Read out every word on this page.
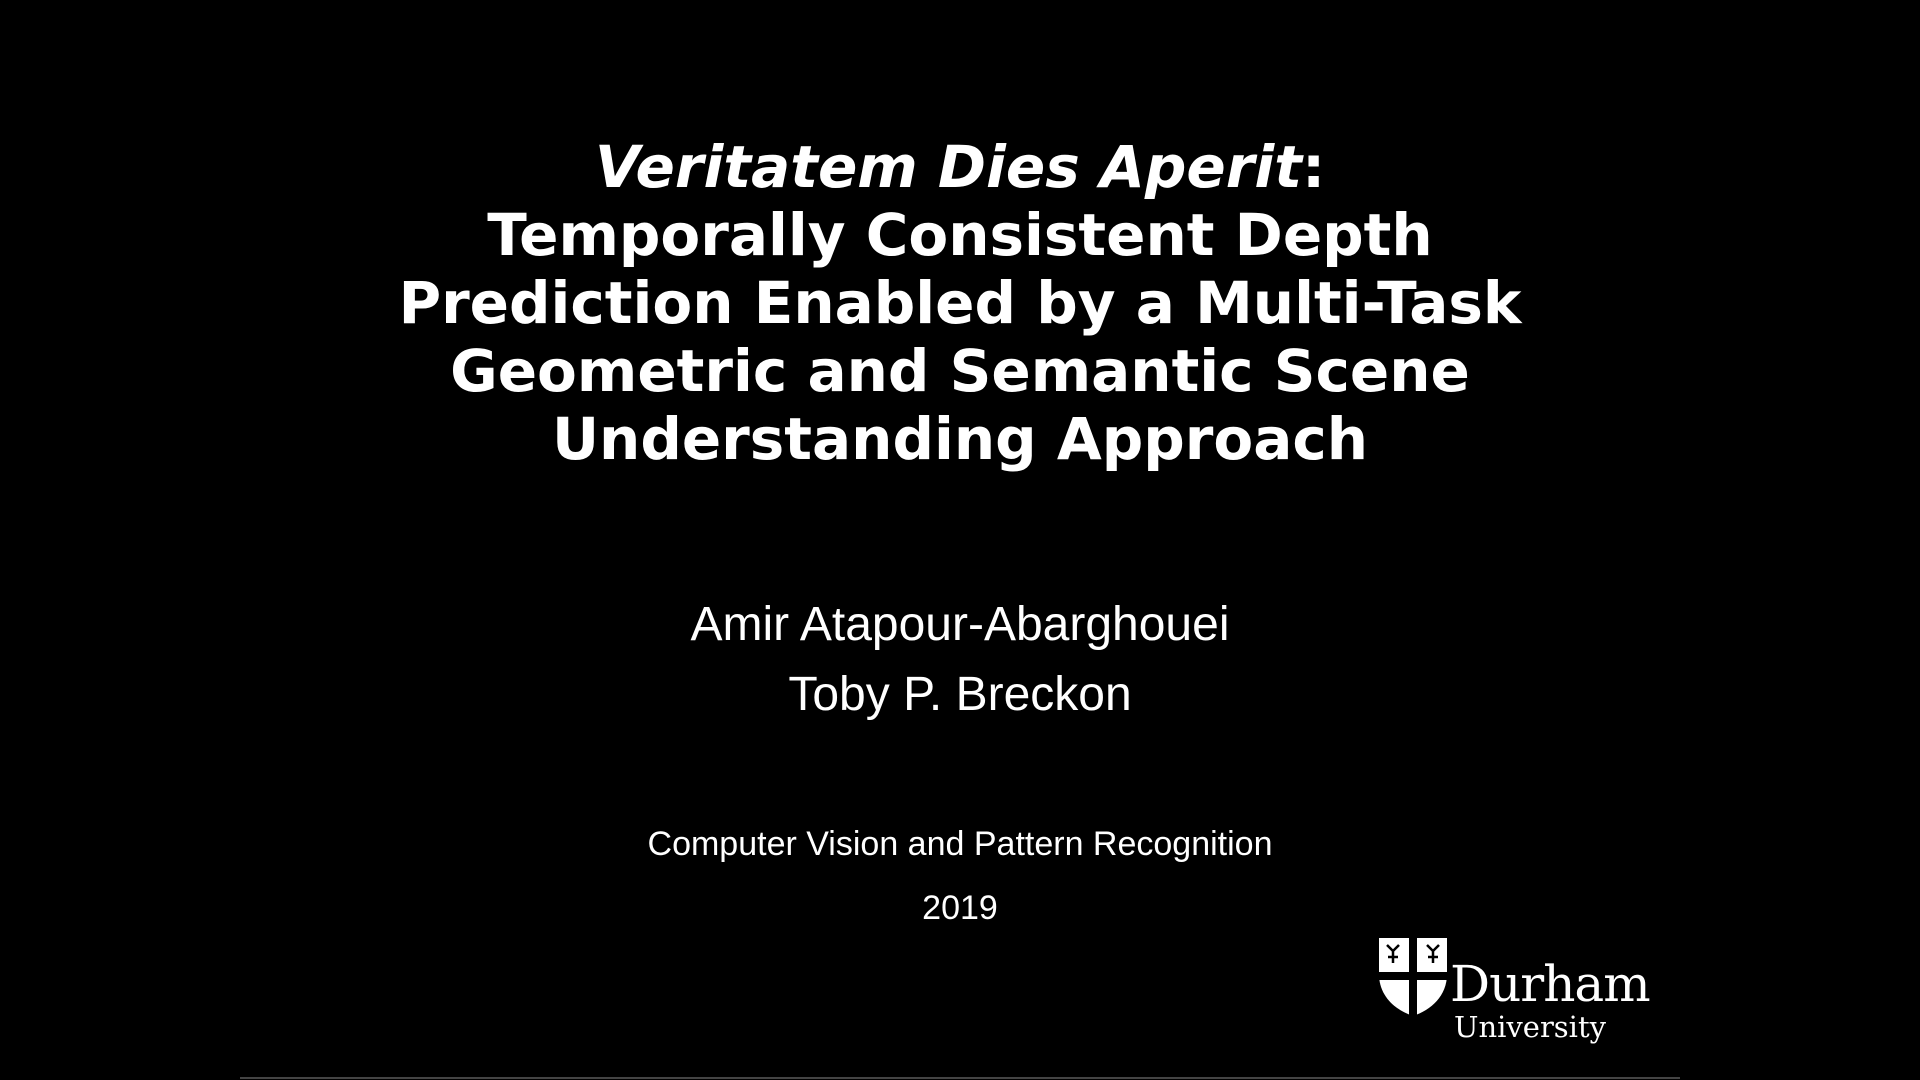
Veritatem Dies Aperit:
Temporally Consistent Depth
Prediction Enabled by a Multi-Task
Geometric and Semantic Scene
Understanding Approach
Amir Atapour-Abarghouei
Toby P. Breckon
Computer Vision and Pattern Recognition
2019
Durham
University
